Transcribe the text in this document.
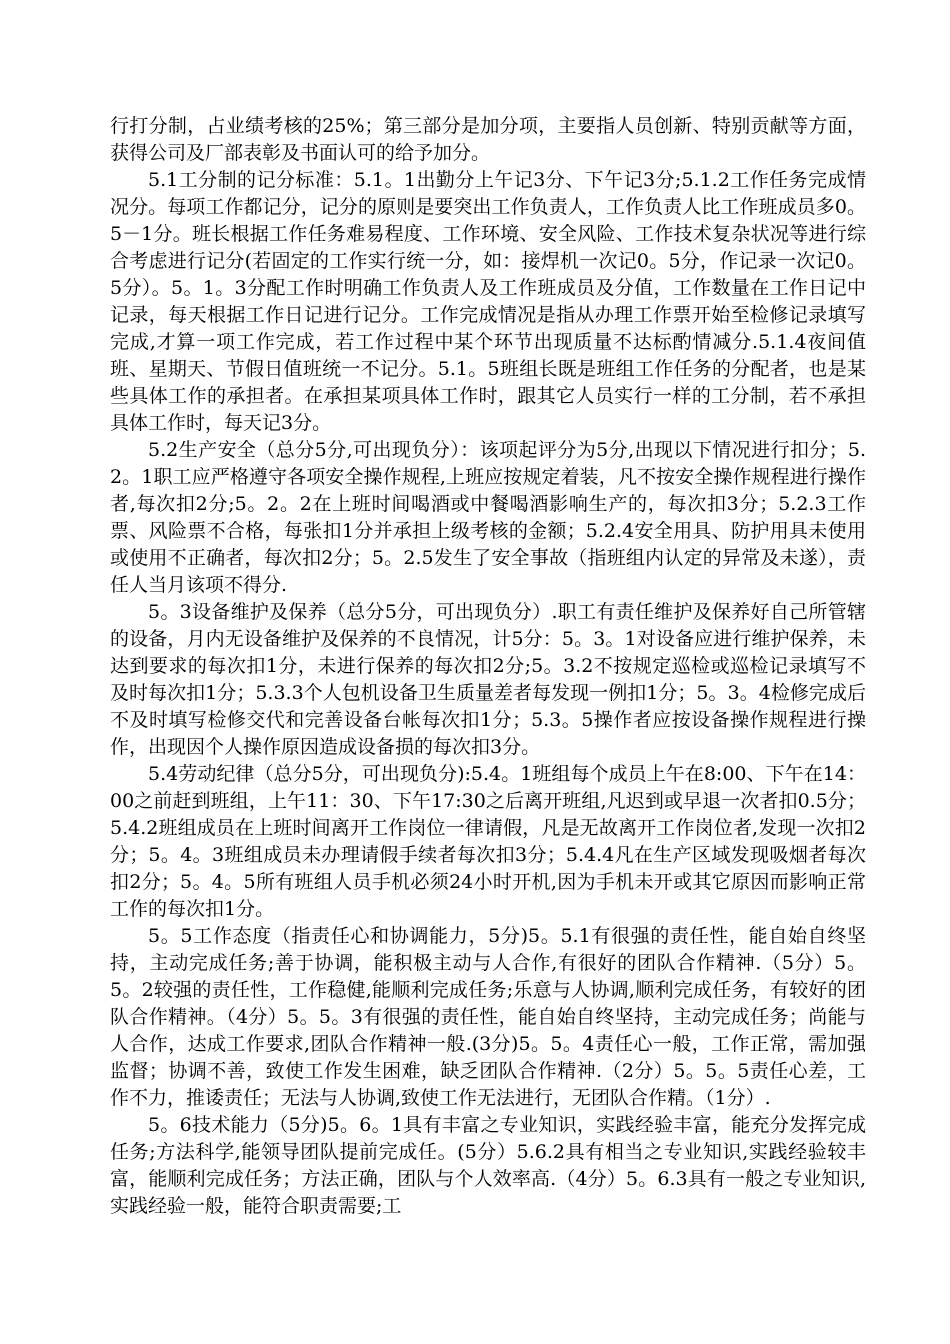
行打分制，占业绩考核的25%；第三部分是加分项，主要指人员创新、特别贡献等方面，获得公司及厂部表彰及书面认可的给予加分。

5.1工分制的记分标准：5.1。1出勤分上午记3分、下午记3分;5.1.2工作任务完成情况分。每项工作都记分，记分的原则是要突出工作负责人，工作负责人比工作班成员多0。5－1分。班长根据工作任务难易程度、工作环境、安全风险、工作技术复杂状况等进行综合考虑进行记分(若固定的工作实行统一分，如：接焊机一次记0。5分，作记录一次记0。5分）。5。1。3分配工作时明确工作负责人及工作班成员及分值，工作数量在工作日记中记录，每天根据工作日记进行记分。工作完成情况是指从办理工作票开始至检修记录填写完成,才算一项工作完成，若工作过程中某个环节出现质量不达标酌情减分.5.1.4夜间值班、星期天、节假日值班统一不记分。5.1。5班组长既是班组工作任务的分配者，也是某些具体工作的承担者。在承担某项具体工作时，跟其它人员实行一样的工分制，若不承担具体工作时，每天记3分。

5.2生产安全（总分5分,可出现负分）：该项起评分为5分,出现以下情况进行扣分；5.2。1职工应严格遵守各项安全操作规程,上班应按规定着装，凡不按安全操作规程进行操作者,每次扣2分;5。2。2在上班时间喝酒或中餐喝酒影响生产的，每次扣3分；5.2.3工作票、风险票不合格，每张扣1分并承担上级考核的金额；5.2.4安全用具、防护用具未使用或使用不正确者，每次扣2分；5。2.5发生了安全事故（指班组内认定的异常及未遂），责任人当月该项不得分.

5。3设备维护及保养（总分5分，可出现负分）.职工有责任维护及保养好自己所管辖的设备，月内无设备维护及保养的不良情况，计5分：5。3。1对设备应进行维护保养，未达到要求的每次扣1分，未进行保养的每次扣2分;5。3.2不按规定巡检或巡检记录填写不及时每次扣1分；5.3.3个人包机设备卫生质量差者每发现一例扣1分；5。3。4检修完成后不及时填写检修交代和完善设备台帐每次扣1分；5.3。5操作者应按设备操作规程进行操作，出现因个人操作原因造成设备损的每次扣3分。

5.4劳动纪律（总分5分，可出现负分):5.4。1班组每个成员上午在8:00、下午在14：00之前赶到班组，上午11：30、下午17:30之后离开班组,凡迟到或早退一次者扣0.5分；5.4.2班组成员在上班时间离开工作岗位一律请假，凡是无故离开工作岗位者,发现一次扣2分；5。4。3班组成员未办理请假手续者每次扣3分；5.4.4凡在生产区域发现吸烟者每次扣2分；5。4。5所有班组人员手机必须24小时开机,因为手机未开或其它原因而影响正常工作的每次扣1分。

5。5工作态度（指责任心和协调能力，5分)5。5.1有很强的责任性，能自始自终坚持，主动完成任务;善于协调，能积极主动与人合作,有很好的团队合作精神.（5分）5。5。2较强的责任性，工作稳健,能顺利完成任务;乐意与人协调,顺利完成任务，有较好的团队合作精神。（4分）5。5。3有很强的责任性，能自始自终坚持，主动完成任务；尚能与人合作，达成工作要求,团队合作精神一般.(3分)5。5。4责任心一般，工作正常，需加强监督；协调不善，致使工作发生困难，缺乏团队合作精神.（2分）5。5。5责任心差，工作不力，推诿责任；无法与人协调,致使工作无法进行，无团队合作精。（1分）.

5。6技术能力（5分)5。6。1具有丰富之专业知识，实践经验丰富，能充分发挥完成任务;方法科学,能领导团队提前完成任。(5分）5.6.2具有相当之专业知识,实践经验较丰富，能顺利完成任务；方法正确，团队与个人效率高.（4分）5。6.3具有一般之专业知识,实践经验一般，能符合职责需要;工
